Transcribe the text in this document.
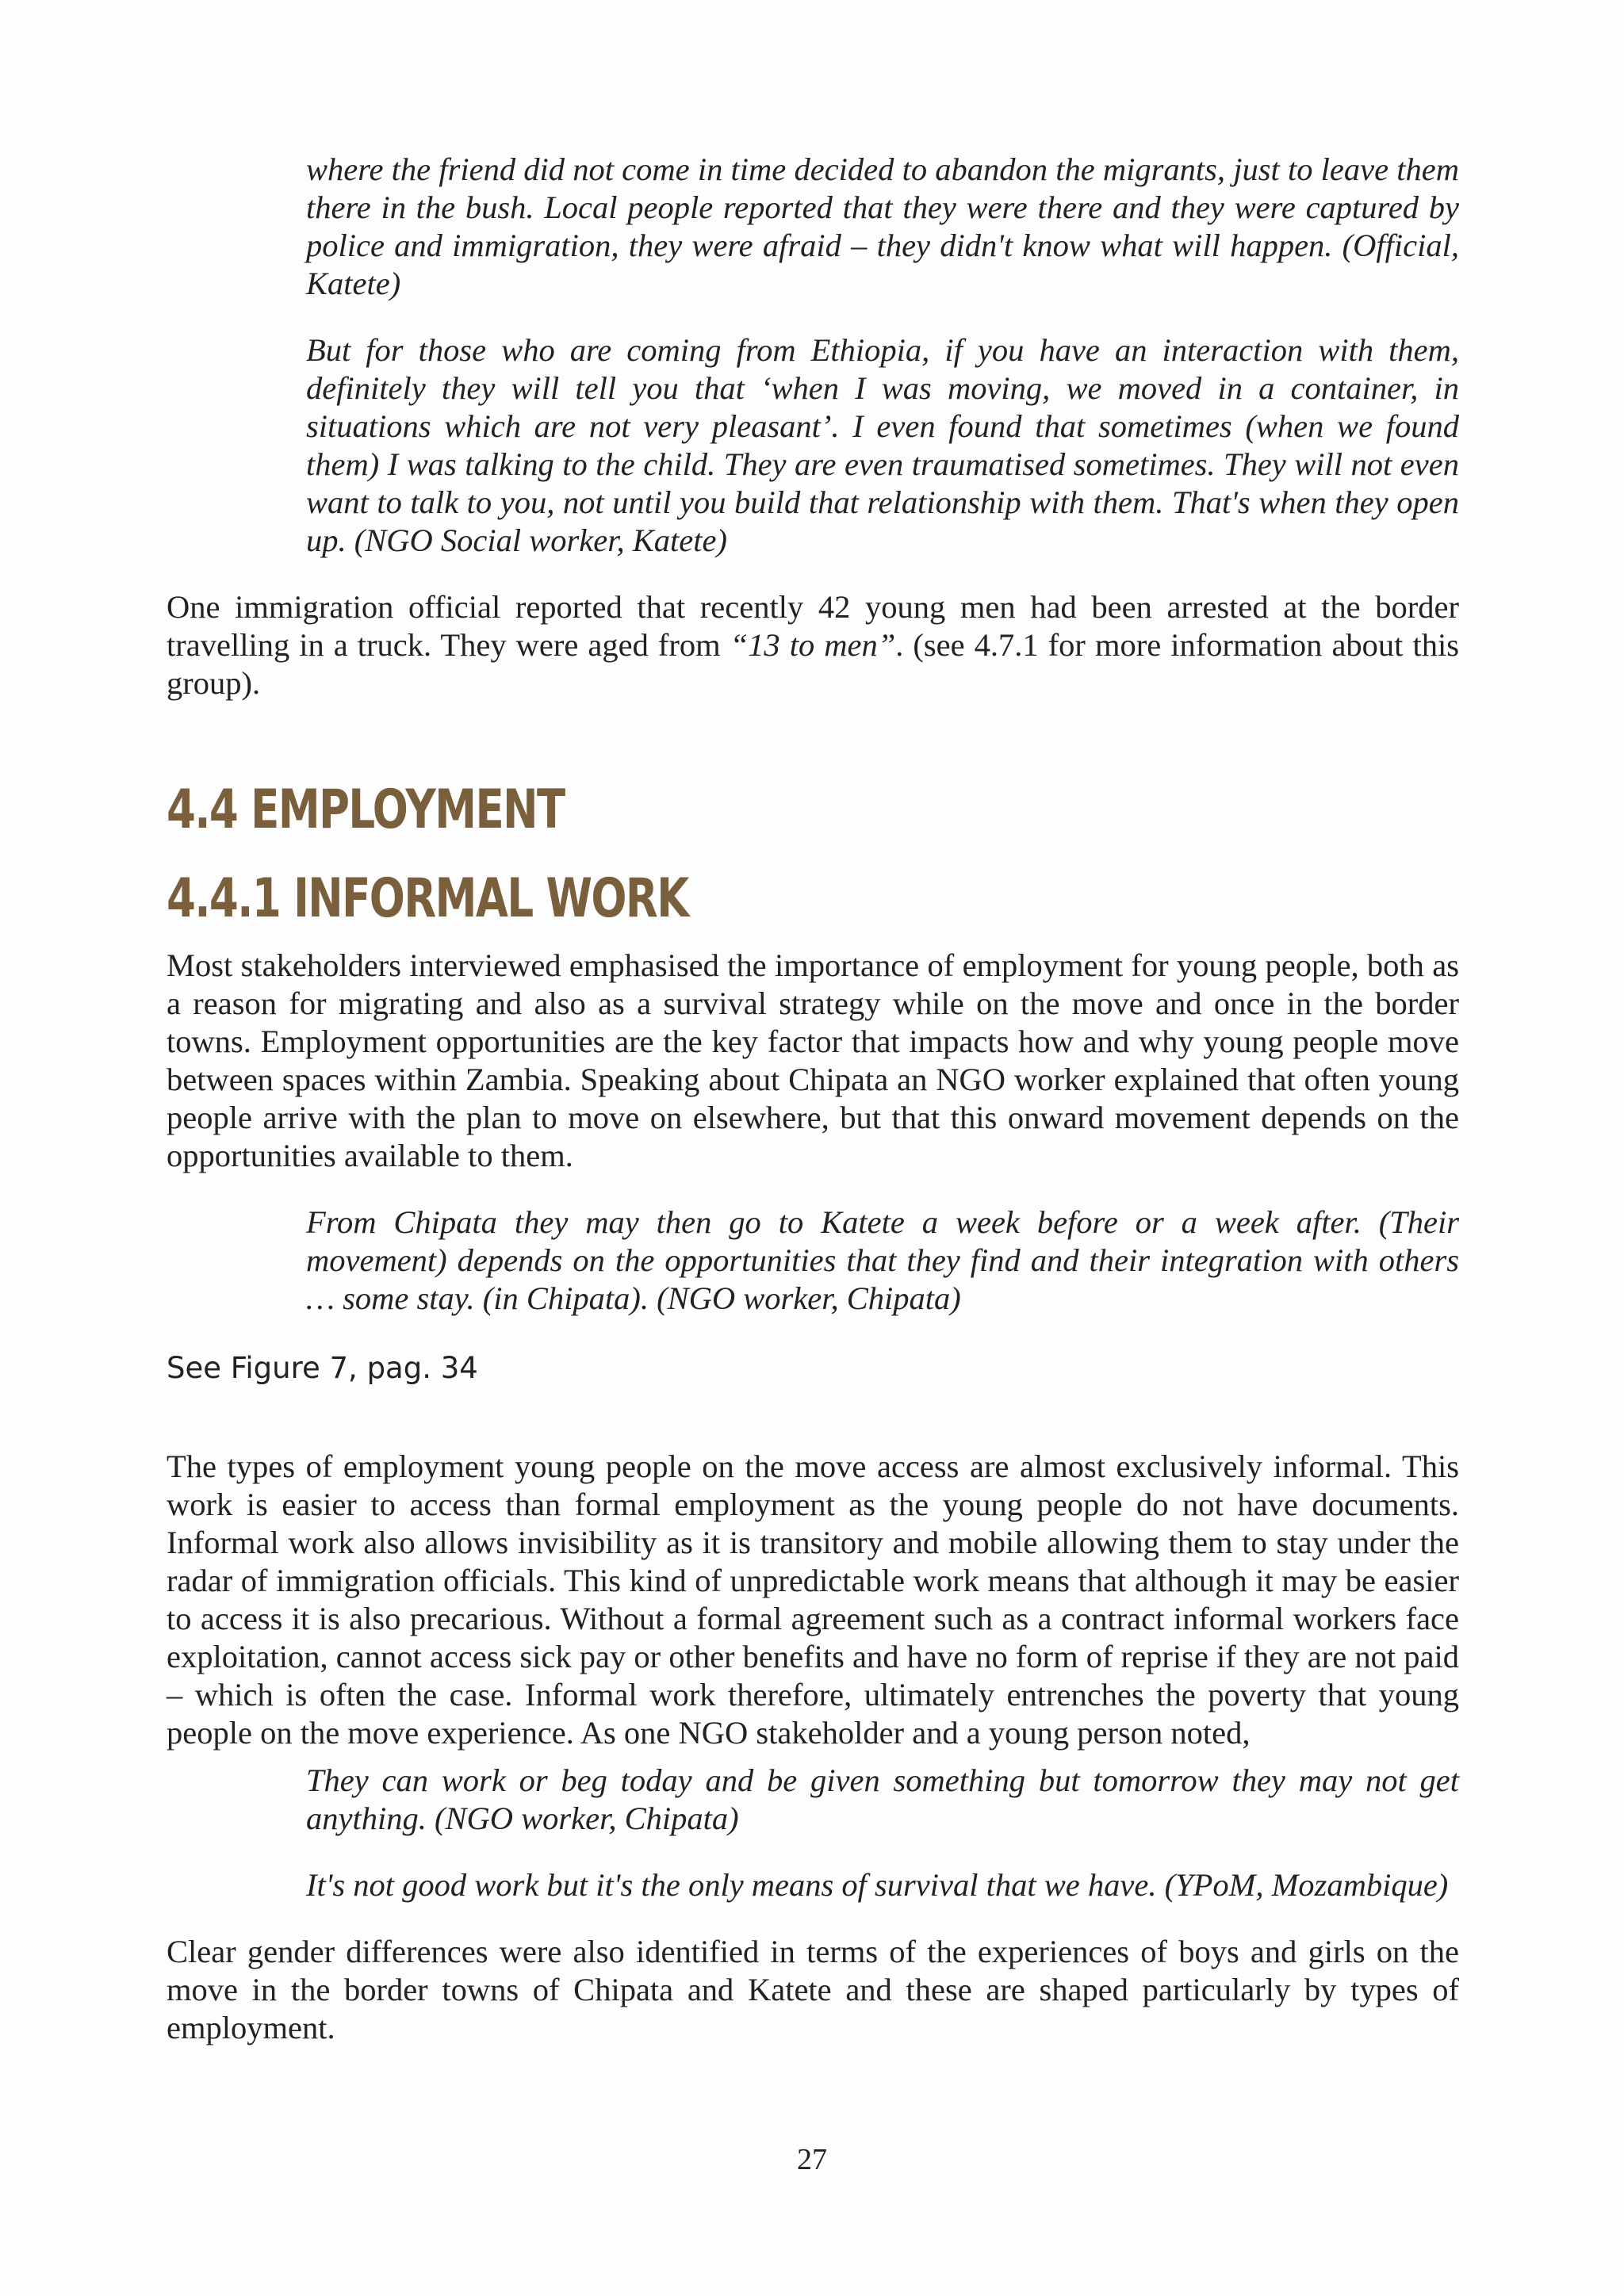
where the friend did not come in time decided to abandon the migrants, just to leave them there in the bush. Local people reported that they were there and they were captured by police and immigration, they were afraid – they didn't know what will happen. (Official, Katete)

But for those who are coming from Ethiopia, if you have an interaction with them, definitely they will tell you that ‘when I was moving, we moved in a container, in situations which are not very pleasant’. I even found that sometimes (when we found them) I was talking to the child. They are even traumatised sometimes. They will not even want to talk to you, not until you build that relationship with them. That's when they open up. (NGO Social worker, Katete)

One immigration official reported that recently 42 young men had been arrested at the border travelling in a truck. They were aged from “13 to men”. (see 4.7.1 for more information about this group).

4.4 EMPLOYMENT
4.4.1 INFORMAL WORK

Most stakeholders interviewed emphasised the importance of employment for young people, both as a reason for migrating and also as a survival strategy while on the move and once in the border towns. Employment opportunities are the key factor that impacts how and why young people move between spaces within Zambia. Speaking about Chipata an NGO worker explained that often young people arrive with the plan to move on elsewhere, but that this onward movement depends on the opportunities available to them.

From Chipata they may then go to Katete a week before or a week after. (Their movement) depends on the opportunities that they find and their integration with others … some stay. (in Chipata). (NGO worker, Chipata)

See Figure 7, pag. 34

The types of employment young people on the move access are almost exclusively informal. This work is easier to access than formal employment as the young people do not have documents. Informal work also allows invisibility as it is transitory and mobile allowing them to stay under the radar of immigration officials. This kind of unpredictable work means that although it may be easier to access it is also precarious. Without a formal agreement such as a contract informal workers face exploitation, cannot access sick pay or other benefits and have no form of reprise if they are not paid – which is often the case. Informal work therefore, ultimately entrenches the poverty that young people on the move experience. As one NGO stakeholder and a young person noted,

They can work or beg today and be given something but tomorrow they may not get anything. (NGO worker, Chipata)

It's not good work but it's the only means of survival that we have. (YPoM, Mozambique)

Clear gender differences were also identified in terms of the experiences of boys and girls on the move in the border towns of Chipata and Katete and these are shaped particularly by types of employment.

27
